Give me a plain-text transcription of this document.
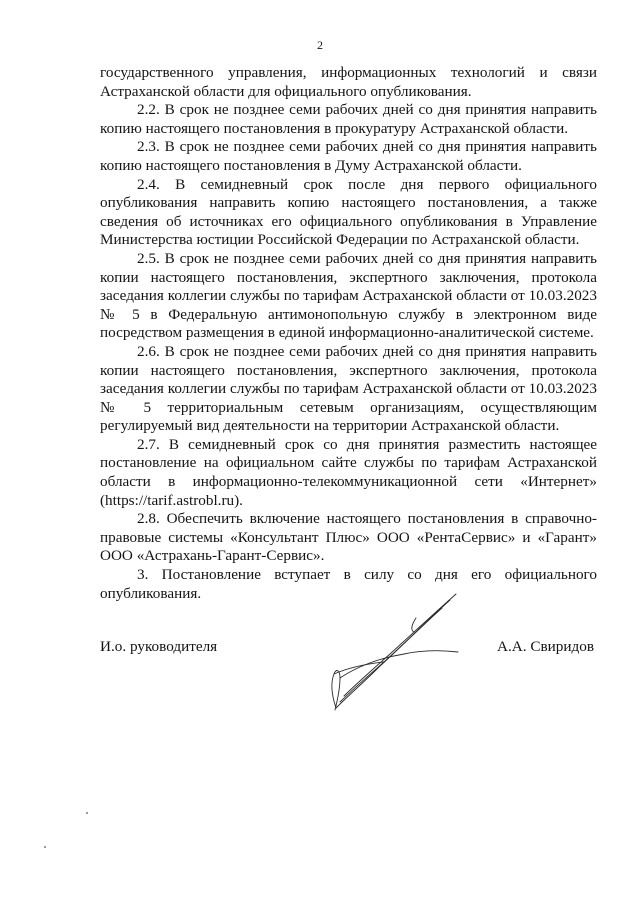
2

государственного управления, информационных технологий и связи Астраханской области для официального опубликования.

2.2. В срок не позднее семи рабочих дней со дня принятия направить копию настоящего постановления в прокуратуру Астраханской области.

2.3. В срок не позднее семи рабочих дней со дня принятия направить копию настоящего постановления в Думу Астраханской области.

2.4. В семидневный срок после дня первого официального опубликования направить копию настоящего постановления, а также сведения об источниках его официального опубликования в Управление Министерства юстиции Российской Федерации по Астраханской области.

2.5. В срок не позднее семи рабочих дней со дня принятия направить копии настоящего постановления, экспертного заключения, протокола заседания коллегии службы по тарифам Астраханской области от 10.03.2023 № 5 в Федеральную антимонопольную службу в электронном виде посредством размещения в единой информационно-аналитической системе.

2.6. В срок не позднее семи рабочих дней со дня принятия направить копии настоящего постановления, экспертного заключения, протокола заседания коллегии службы по тарифам Астраханской области от 10.03.2023 № 5 территориальным сетевым организациям, осуществляющим регулируемый вид деятельности на территории Астраханской области.

2.7. В семидневный срок со дня принятия разместить настоящее постановление на официальном сайте службы по тарифам Астраханской области в информационно-телекоммуникационной сети «Интернет» (https://tarif.astrobl.ru).

2.8. Обеспечить включение настоящего постановления в справочно-правовые системы «Консультант Плюс» ООО «РентаСервис» и «Гарант» ООО «Астрахань-Гарант-Сервис».

3. Постановление вступает в силу со дня его официального опубликования.

И.о. руководителя	А.А. Свиридов
